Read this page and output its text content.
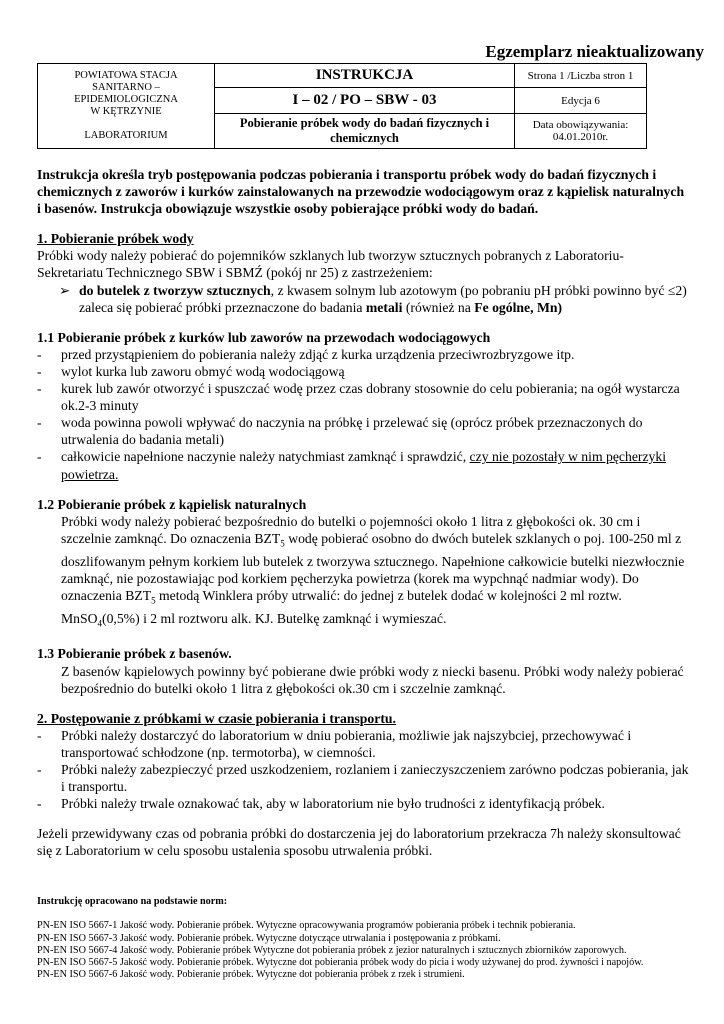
Egzemplarz nieaktualizowany
POWIATOWA STACJA
SANITARNO –
EPIDEMIOLOGICZNA
W KĘTRZYNIE
LABORATORIUM	INSTRUKCJA	Strona 1 /Liczba stron 1
	I – 02 / PO – SBW - 03	Edycja 6
	Pobieranie próbek wody do badań fizycznych i chemicznych	Data obowiązywania:
04.01.2010r.

Instrukcja określa tryb postępowania podczas pobierania i transportu próbek wody do badań fizycznych i chemicznych z zaworów i kurków zainstalowanych na przewodzie wodociągowym oraz z kąpielisk naturalnych i basenów. Instrukcja obowiązuje wszystkie osoby pobierające próbki wody do badań.

1. Pobieranie próbek wody

Próbki wody należy pobierać do pojemników szklanych lub tworzyw sztucznych pobranych z Laboratoriu-Sekretariatu Technicznego SBW i SBMŹ (pokój nr 25) z zastrzeżeniem:

➢ do butelek z tworzyw sztucznych, z kwasem solnym lub azotowym (po pobraniu pH próbki powinno być ≤2) zaleca się pobierać próbki przeznaczone do badania metali (również na Fe ogólne, Mn)

1.1 Pobieranie próbek z kurków lub zaworów na przewodach wodociągowych

-	przed przystąpieniem do pobierania należy zdjąć z kurka urządzenia przeciwrozbryzgowe itp.
-	wylot kurka lub zaworu obmyć wodą wodociągową
-	kurek lub zawór otworzyć i spuszczać wodę przez czas dobrany stosownie do celu pobierania; na ogół wystarcza ok.2-3 minuty
-	woda powinna powoli wpływać do naczynia na próbkę i przelewać się (oprócz próbek przeznaczonych do utrwalenia do badania metali)
-	całkowicie napełnione naczynie należy natychmiast zamknąć i sprawdzić, czy nie pozostały w nim pęcherzyki powietrza.

1.2 Pobieranie próbek z kąpielisk naturalnych

Próbki wody należy pobierać bezpośrednio do butelki o pojemności około 1 litra z głębokości ok. 30 cm i szczelnie zamknąć. Do oznaczenia $BZT_5$ wodę pobierać osobno do dwóch butelek szklanych o poj. 100-250 ml z doszlifowanym pełnym korkiem lub butelek z tworzywa sztucznego. Napełnione całkowicie butelki niezwłocznie zamknąć, nie pozostawiając pod korkiem pęcherzyka powietrza (korek ma wypchnąć nadmiar wody). Do oznaczenia $BZT_5$ metodą Winklera próby utrwalić: do jednej z butelek dodać w kolejności 2 ml roztw. MnSO$_4$(0,5%) i 2 ml roztworu alk. KJ. Butelkę zamknąć i wymieszać.

1.3 Pobieranie próbek z basenów.

Z basenów kąpielowych powinny być pobierane dwie próbki wody z niecki basenu. Próbki wody należy pobierać bezpośrednio do butelki około 1 litra z głębokości ok.30 cm i szczelnie zamknąć.

2. Postępowanie z próbkami w czasie pobierania i transportu.

-	Próbki należy dostarczyć do laboratorium w dniu pobierania, możliwie jak najszybciej, przechowywać i transportować schłodzone (np. termotorba), w ciemności.
-	Próbki należy zabezpieczyć przed uszkodzeniem, rozlaniem i zanieczyszczeniem zarówno podczas pobierania, jak i transportu.
-	Próbki należy trwale oznakować tak, aby w laboratorium nie było trudności z identyfikacją próbek.

Jeżeli przewidywany czas od pobrania próbki do dostarczenia jej do laboratorium przekracza 7h należy skonsultować się z Laboratorium w celu sposobu ustalenia sposobu utrwalenia próbki.

Instrukcję opracowano na podstawie norm:
PN-EN ISO 5667-1 Jakość wody. Pobieranie próbek. Wytyczne opracowywania programów pobierania próbek i technik pobierania.
PN-EN ISO 5667-3 Jakość wody. Pobieranie próbek. Wytyczne dotyczące utrwalania i postępowania z próbkami.
PN-EN ISO 5667-4 Jakość wody. Pobieranie próbek Wytyczne dot pobierania próbek z jezior naturalnych i sztucznych zbiorników zaporowych.
PN-EN ISO 5667-5 Jakość wody. Pobieranie próbek. Wytyczne dot pobierania próbek wody do picia i wody używanej do prod. żywności i napojów.
PN-EN ISO 5667-6 Jakość wody. Pobieranie próbek. Wytyczne dot pobierania próbek z rzek i strumieni.
